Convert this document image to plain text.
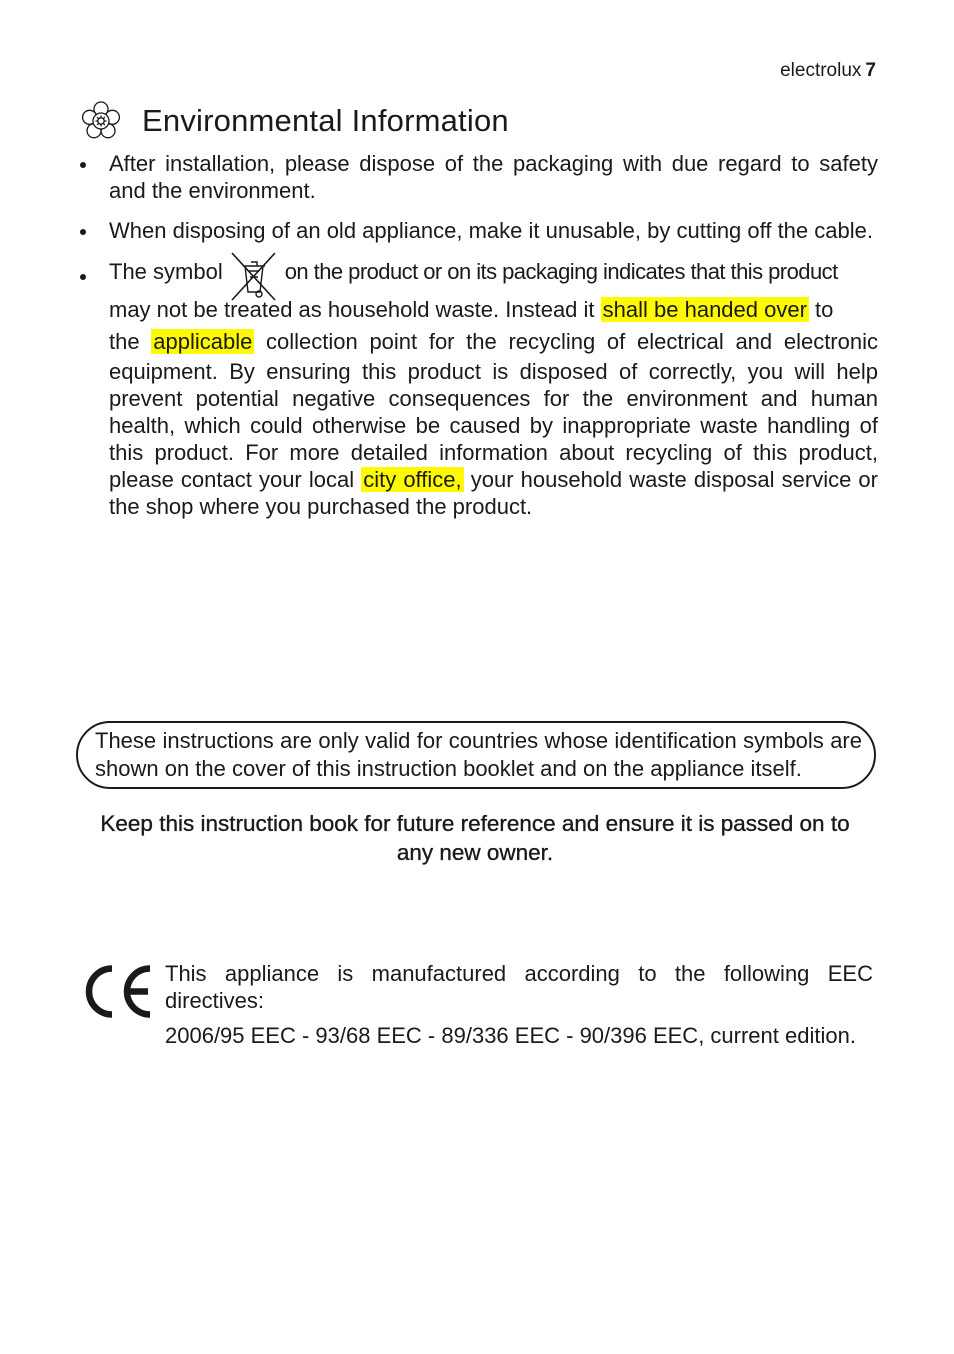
electrolux 7
Environmental Information
After installation, please dispose of the packaging with due regard to safety and the environment.
When disposing of an old appliance, make it unusable, by cutting off the cable.
The symbol	on the product or on its packaging indicates that this product
may not be treated as household waste. Instead it shall be handed over to
the applicable collection point for the recycling of electrical and electronic
equipment. By ensuring this product is disposed of correctly, you will help prevent potential negative consequences for the environment and human health, which could otherwise be caused by inappropriate waste handling of this product. For more detailed information about recycling of this product, please contact your local city office, your household waste disposal service or the shop where you purchased the product.
These instructions are only valid for countries whose identification symbols are shown on the cover of this instruction booklet and on the appliance itself.
Keep this instruction book for future reference and ensure it is passed on to any new owner.
This appliance is manufactured according to the following EEC directives:
2006/95 EEC - 93/68 EEC - 89/336 EEC - 90/396 EEC, current edition.
